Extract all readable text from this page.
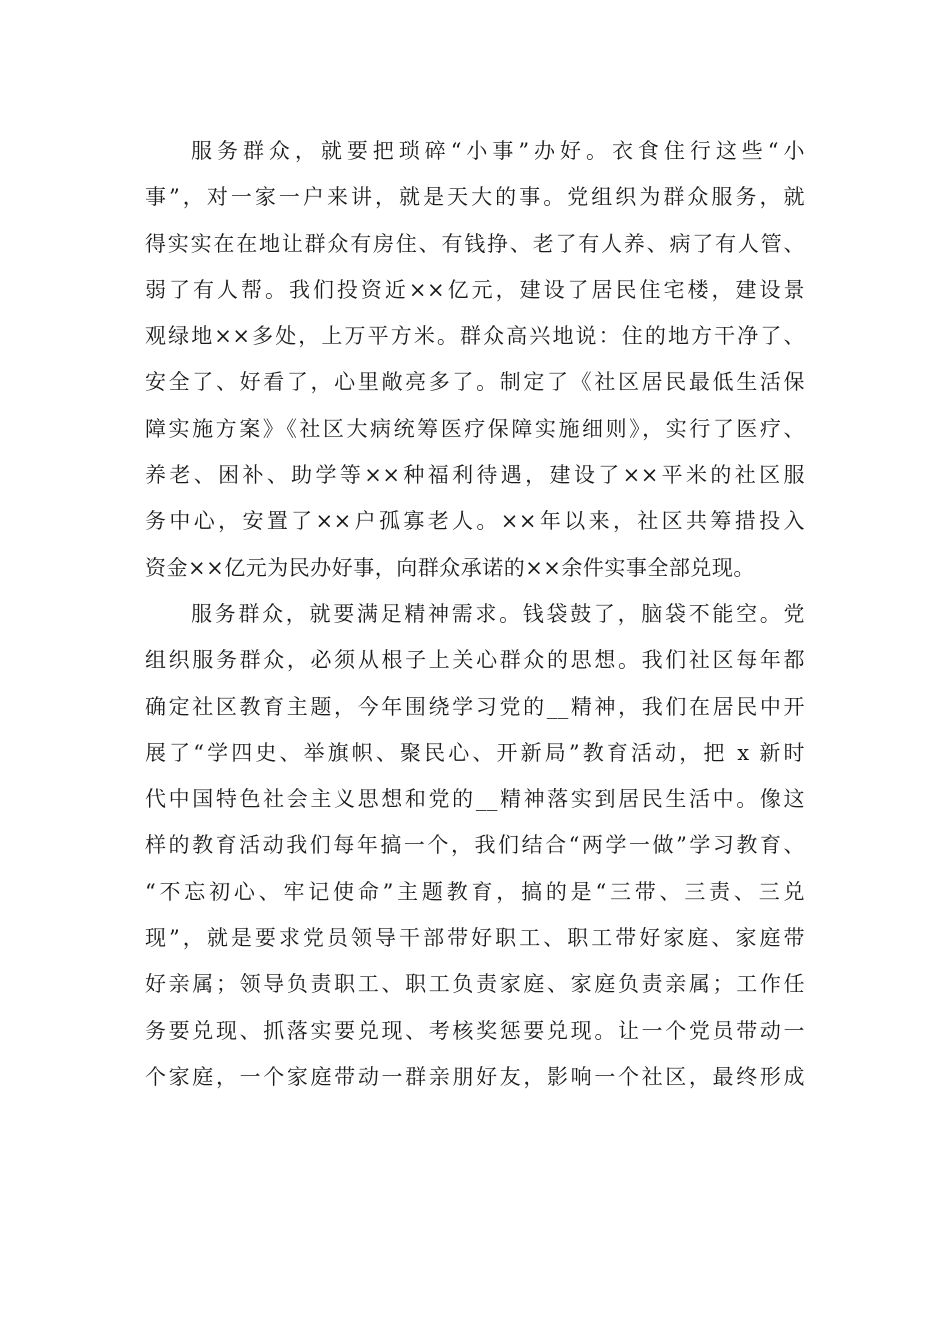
服务群众，就要把琐碎“小事”办好。衣食住行这些“小
事”，对一家一户来讲，就是天大的事。党组织为群众服务，就
得实实在在地让群众有房住、有钱挣、老了有人养、病了有人管、
弱了有人帮。我们投资近××亿元，建设了居民住宅楼，建设景
观绿地××多处，上万平方米。群众高兴地说：住的地方干净了、
安全了、好看了，心里敞亮多了。制定了《社区居民最低生活保
障实施方案》《社区大病统筹医疗保障实施细则》，实行了医疗、
养老、困补、助学等××种福利待遇，建设了××平米的社区服
务中心，安置了××户孤寡老人。××年以来，社区共筹措投入
资金××亿元为民办好事，向群众承诺的××余件实事全部兑现。
服务群众，就要满足精神需求。钱袋鼓了，脑袋不能空。党
组织服务群众，必须从根子上关心群众的思想。我们社区每年都
确定社区教育主题，今年围绕学习党的__精神，我们在居民中开
展了“学四史、举旗帜、聚民心、开新局”教育活动，把 x 新时
代中国特色社会主义思想和党的__精神落实到居民生活中。像这
样的教育活动我们每年搞一个，我们结合“两学一做”学习教育、
“不忘初心、牢记使命”主题教育，搞的是“三带、三责、三兑
现”，就是要求党员领导干部带好职工、职工带好家庭、家庭带
好亲属；领导负责职工、职工负责家庭、家庭负责亲属；工作任
务要兑现、抓落实要兑现、考核奖惩要兑现。让一个党员带动一
个家庭，一个家庭带动一群亲朋好友，影响一个社区，最终形成
